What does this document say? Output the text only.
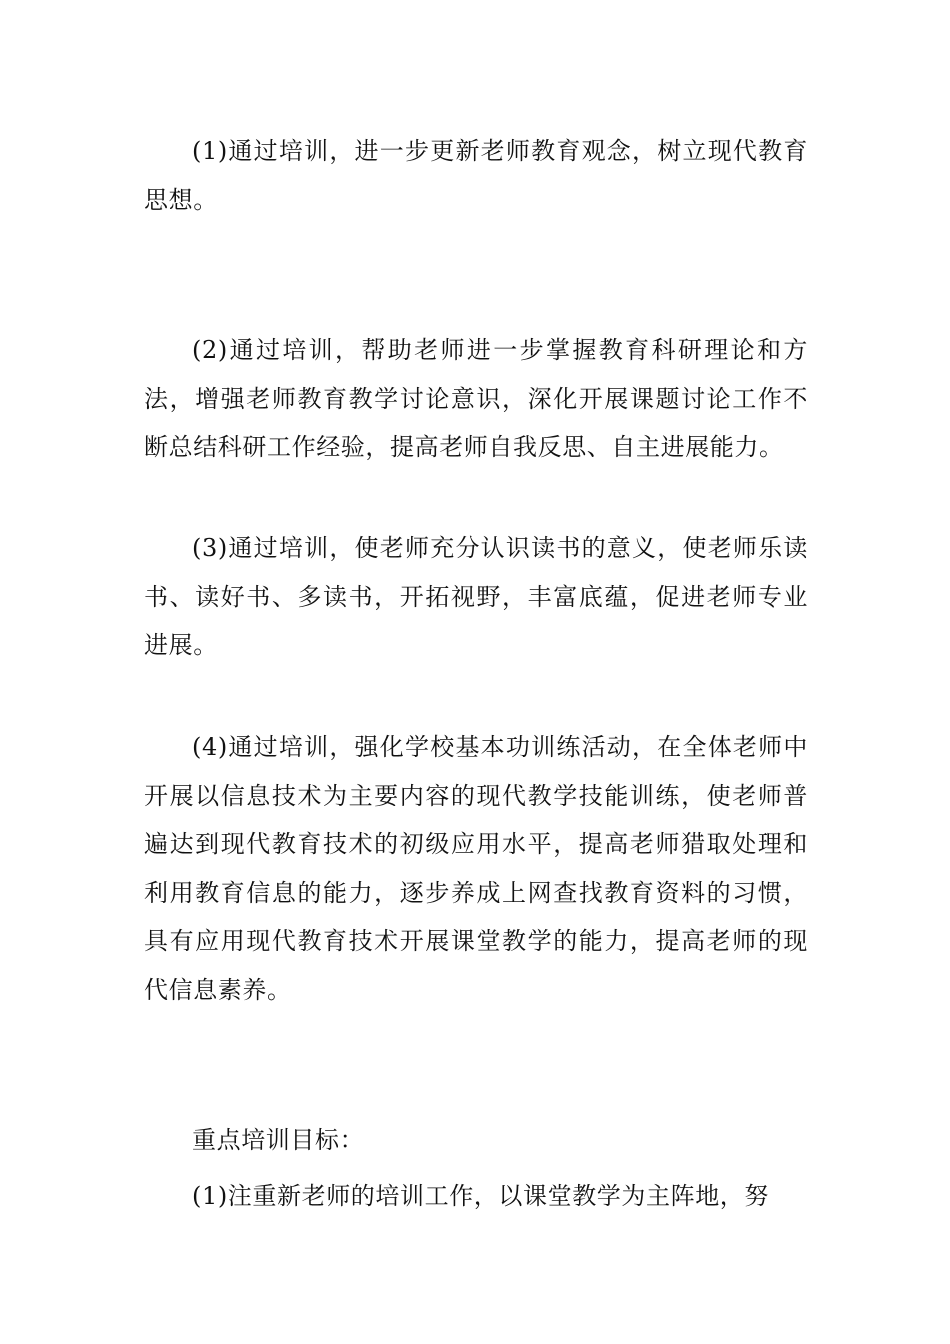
(1)通过培训，进一步更新老师教育观念，树立现代教育思想。

(2)通过培训，帮助老师进一步掌握教育科研理论和方法，增强老师教育教学讨论意识，深化开展课题讨论工作不断总结科研工作经验，提高老师自我反思、自主进展能力。

(3)通过培训，使老师充分认识读书的意义，使老师乐读书、读好书、多读书，开拓视野，丰富底蕴，促进老师专业进展。

(4)通过培训，强化学校基本功训练活动，在全体老师中开展以信息技术为主要内容的现代教学技能训练，使老师普遍达到现代教育技术的初级应用水平，提高老师猎取处理和利用教育信息的能力，逐步养成上网查找教育资料的习惯，具有应用现代教育技术开展课堂教学的能力，提高老师的现代信息素养。

重点培训目标：

(1)注重新老师的培训工作，以课堂教学为主阵地，努
